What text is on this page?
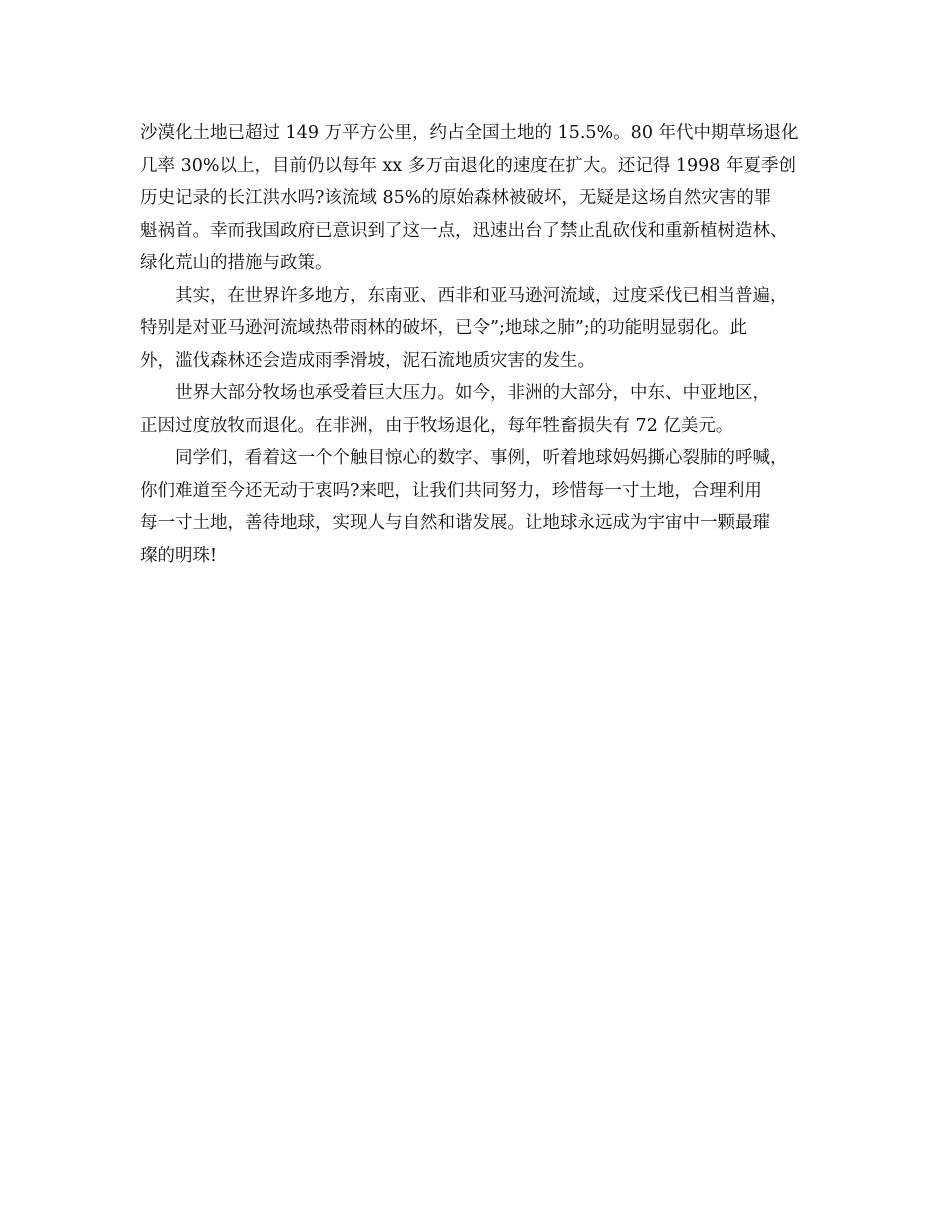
沙漠化土地已超过 149 万平方公里，约占全国土地的 15.5%。80 年代中期草场退化
几率 30%以上，目前仍以每年 xx 多万亩退化的速度在扩大。还记得 1998 年夏季创
历史记录的长江洪水吗?该流域 85%的原始森林被破坏，无疑是这场自然灾害的罪
魁祸首。幸而我国政府已意识到了这一点，迅速出台了禁止乱砍伐和重新植树造林、
绿化荒山的措施与政策。
其实，在世界许多地方，东南亚、西非和亚马逊河流域，过度采伐已相当普遍，
特别是对亚马逊河流域热带雨林的破坏，已令”;地球之肺”;的功能明显弱化。此
外，滥伐森林还会造成雨季滑坡，泥石流地质灾害的发生。
世界大部分牧场也承受着巨大压力。如今，非洲的大部分，中东、中亚地区，
正因过度放牧而退化。在非洲，由于牧场退化，每年牲畜损失有 72 亿美元。
同学们，看着这一个个触目惊心的数字、事例，听着地球妈妈撕心裂肺的呼喊，
你们难道至今还无动于衷吗?来吧，让我们共同努力，珍惜每一寸土地，合理利用
每一寸土地，善待地球，实现人与自然和谐发展。让地球永远成为宇宙中一颗最璀
璨的明珠!
